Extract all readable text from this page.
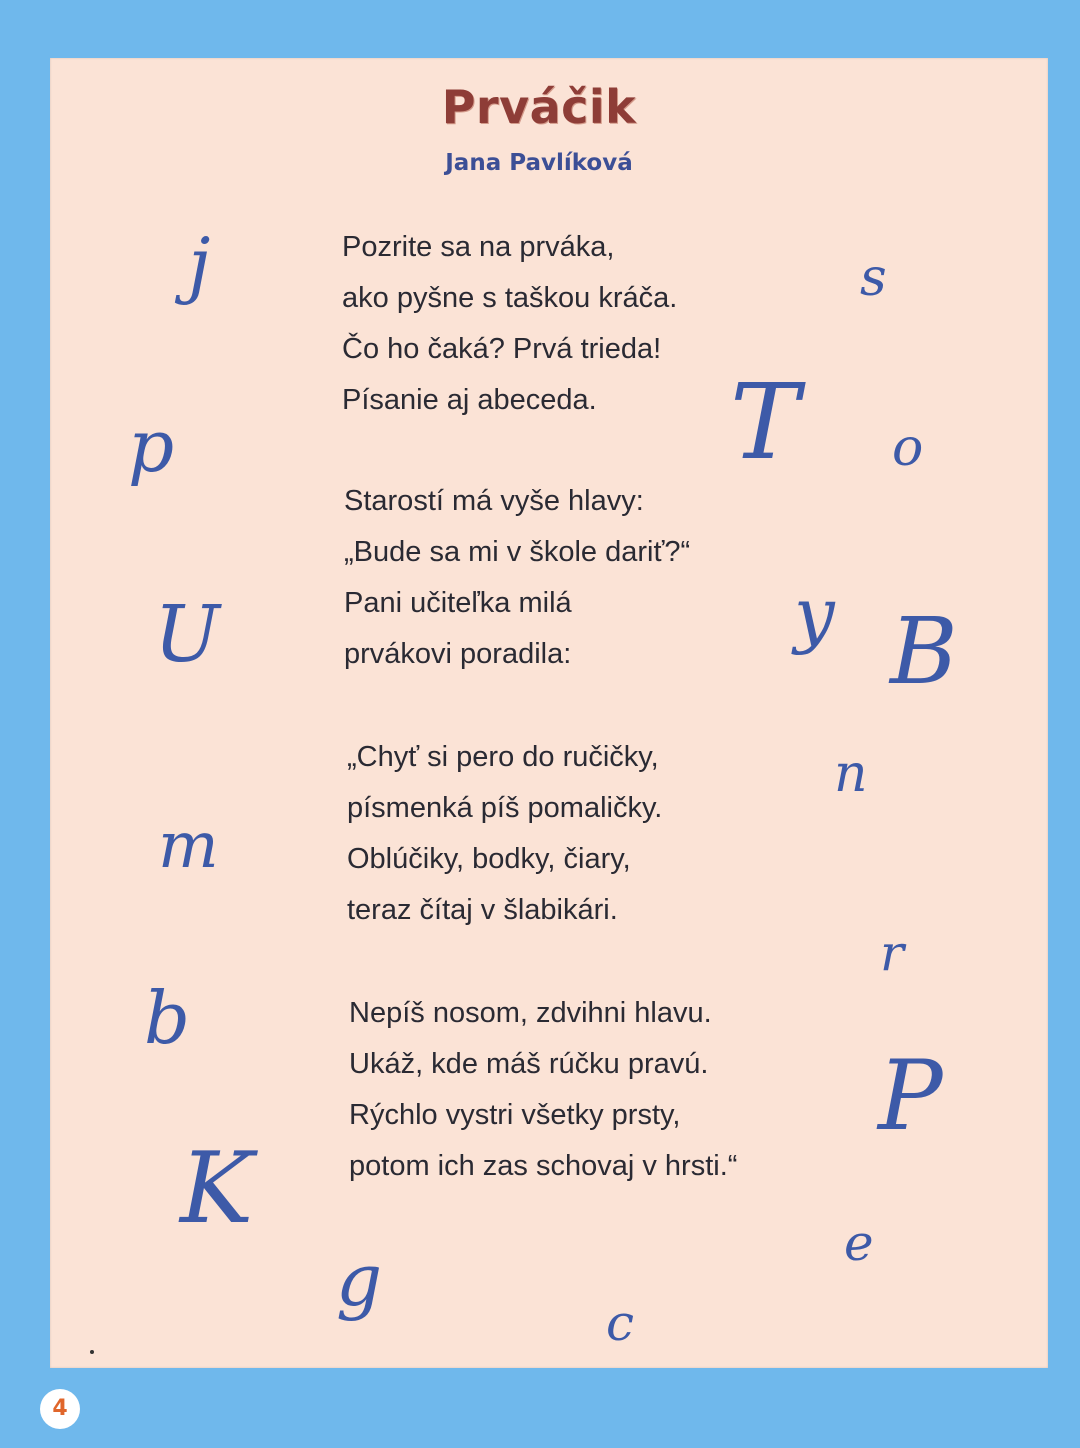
Prváčik

Jana Pavlíková

Pozrite sa na prváka,
ako pyšne s taškou kráča.
Čo ho čaká? Prvá trieda!
Písanie aj abeceda.
Starostí má vyše hlavy:
„Bude sa mi v škole dariť?“
Pani učiteľka milá
prvákovi poradila:
„Chyť si pero do ručičky,
písmenká píš pomaličky.
Oblúčiky, bodky, čiary,
teraz čítaj v šlabikári.
Nepíš nosom, zdvihni hlavu.
Ukáž, kde máš rúčku pravú.
Rýchlo vystri všetky prsty,
potom ich zas schovaj v hrsti.“
j
p
U
m
b
K
g
c
s
T o
y B
n
r
P
e
4
